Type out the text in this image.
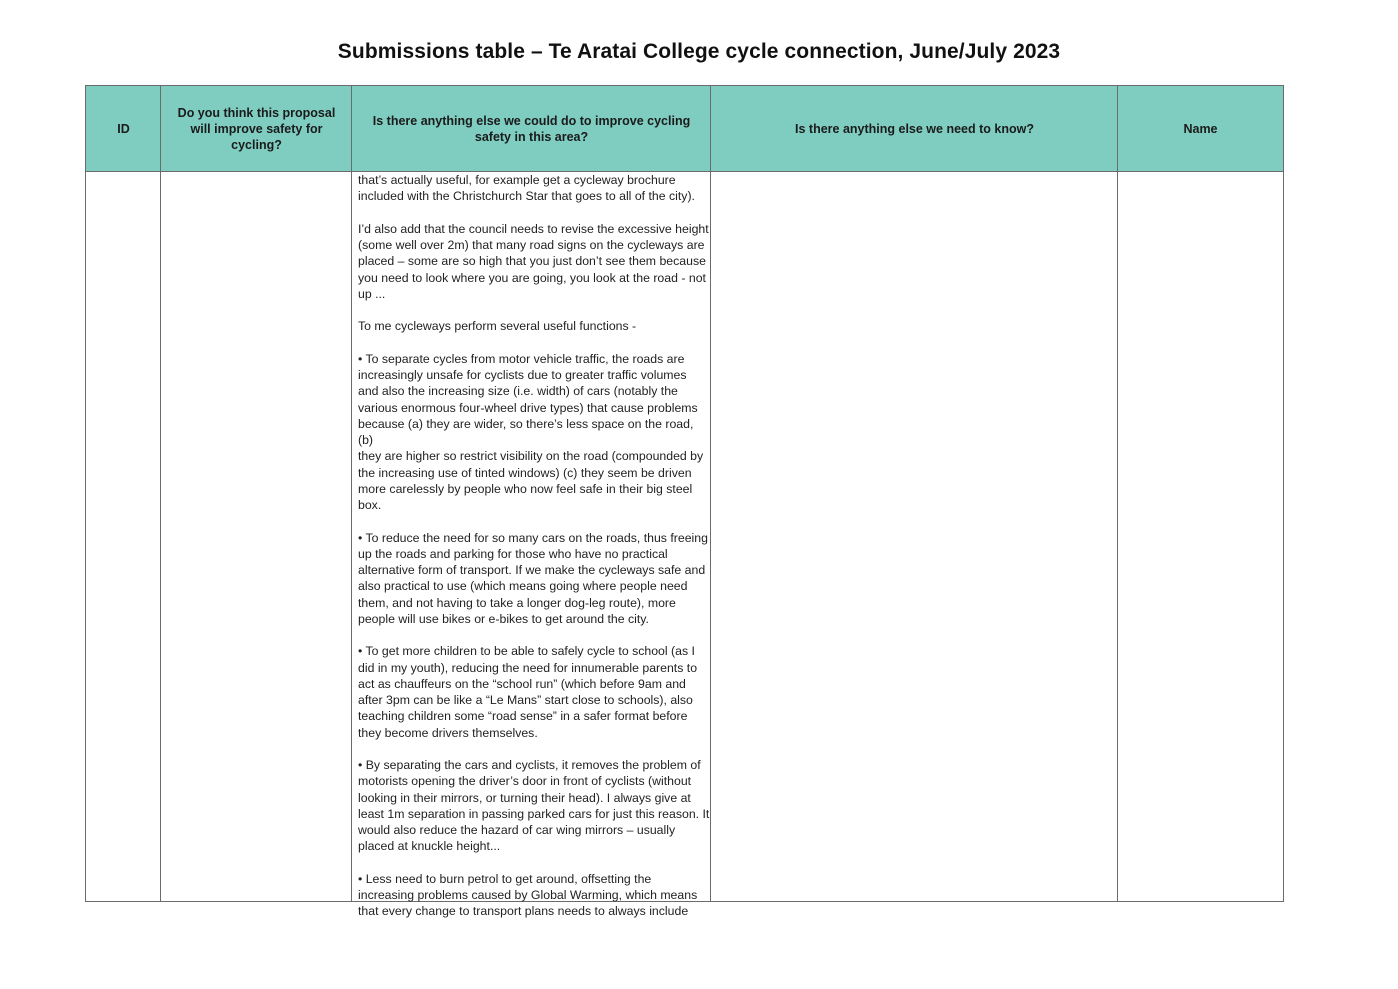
Submissions table – Te Aratai College cycle connection, June/July 2023
ID
Do you think this proposal will improve safety for cycling?
Is there anything else we could do to improve cycling safety in this area?
Is there anything else we need to know?	Name

that’s actually useful, for example get a cycleway brochure
included with the Christchurch Star that goes to all of the city).

I’d also add that the council needs to revise the excessive height
(some well over 2m) that many road signs on the cycleways are
placed – some are so high that you just don’t see them because
you need to look where you are going, you look at the road - not
up ...

To me cycleways perform several useful functions -

• To separate cycles from motor vehicle traffic, the roads are
increasingly unsafe for cyclists due to greater traffic volumes
and also the increasing size (i.e. width) of cars (notably the
various enormous four-wheel drive types) that cause problems
because (a) they are wider, so there’s less space on the road, (b)
they are higher so restrict visibility on the road (compounded by
the increasing use of tinted windows) (c) they seem be driven
more carelessly by people who now feel safe in their big steel
box.

• To reduce the need for so many cars on the roads, thus freeing
up the roads and parking for those who have no practical
alternative form of transport. If we make the cycleways safe and
also practical to use (which means going where people need
them, and not having to take a longer dog-leg route), more
people will use bikes or e-bikes to get around the city.

• To get more children to be able to safely cycle to school (as I
did in my youth), reducing the need for innumerable parents to
act as chauffeurs on the “school run” (which before 9am and
after 3pm can be like a “Le Mans” start close to schools), also
teaching children some “road sense” in a safer format before
they become drivers themselves.

• By separating the cars and cyclists, it removes the problem of
motorists opening the driver’s door in front of cyclists (without
looking in their mirrors, or turning their head). I always give at
least 1m separation in passing parked cars for just this reason. It
would also reduce the hazard of car wing mirrors – usually
placed at knuckle height...

• Less need to burn petrol to get around, offsetting the
increasing problems caused by Global Warming, which means
that every change to transport plans needs to always include
